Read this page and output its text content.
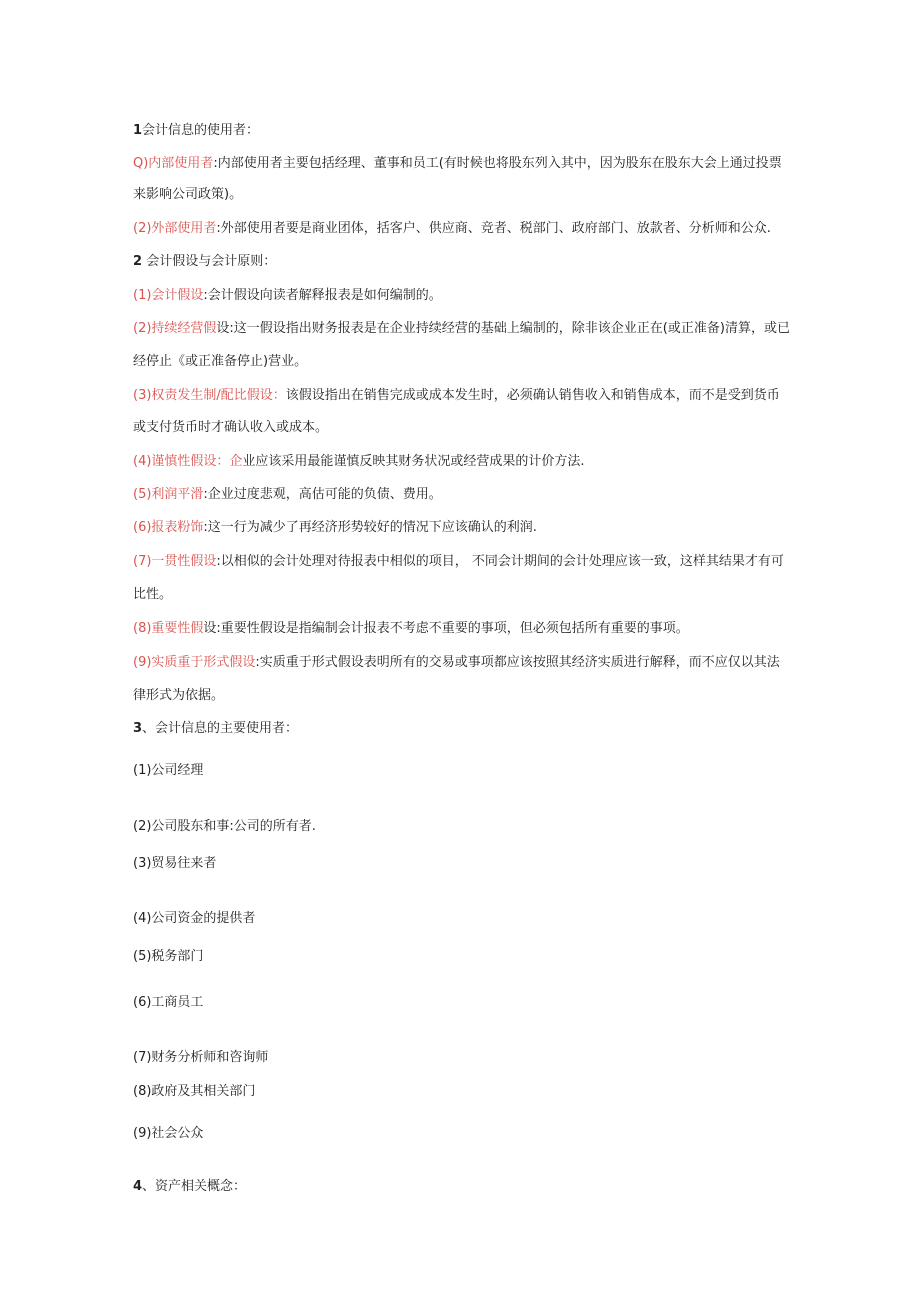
1会计信息的使用者：
Q)内部使用者:内部使用者主要包括经理、董事和员工(有时候也将股东列入其中，因为股东在股东大会上通过投票
来影响公司政策)。
(2)外部使用者:外部使用者要是商业团体，括客户、供应商、竞者、税部门、政府部门、放款者、分析师和公众.
2 会计假设与会计原则：
(1)会计假设:会计假设向读者解释报表是如何编制的。
(2)持续经营假设:这一假设指出财务报表是在企业持续经营的基础上编制的，除非该企业正在(或正准备)清算，或已
经停止《或正准备停止)营业。
(3)权责发生制/配比假设：该假设指出在销售完成或成本发生时，必须确认销售收入和销售成本，而不是受到货币
或支付货币时才确认收入或成本。
(4)谨慎性假设：企业应该采用最能谨慎反映其财务状况或经营成果的计价方法.
(5)利润平滑:企业过度悲观，高估可能的负债、费用。
(6)报表粉饰:这一行为减少了再经济形势较好的情况下应该确认的利润.
(7)一贯性假设:以相似的会计处理对待报表中相似的项目， 不同会计期间的会计处理应该一致，这样其结果才有可
比性。
(8)重要性假设:重要性假设是指编制会计报表不考虑不重要的事项，但必须包括所有重要的事项。
(9)实质重于形式假设:实质重于形式假设表明所有的交易或事项都应该按照其经济实质进行解释，而不应仅以其法
律形式为依据。
3、会计信息的主要使用者：
(1)公司经理
(2)公司股东和事:公司的所有者.
(3)贸易往来者
(4)公司资金的提供者
(5)税务部门
(6)工商员工
(7)财务分析师和咨询师
(8)政府及其相关部门
(9)社会公众
4、资产相关概念：
